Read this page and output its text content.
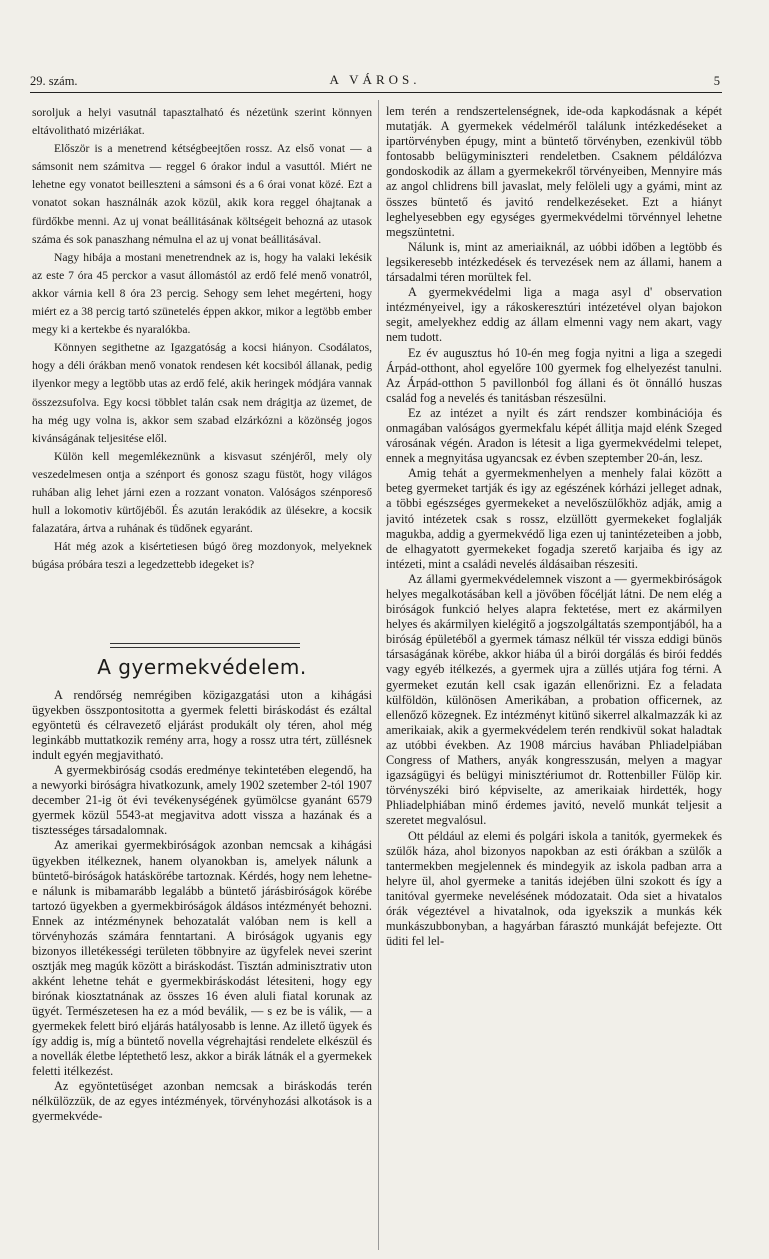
29. szám.	A VÁROS.	5

soroljuk a helyi vasutnál tapasztalható és nézetünk szerint könnyen eltávolitható mizériákat.

Először is a menetrend kétségbeejtően rossz. Az első vonat — a sámsonit nem számitva — reggel 6 órakor indul a vasuttól. Miért ne lehetne egy vonatot beilleszteni a sámsoni és a 6 órai vonat közé. Ezt a vonatot sokan használnák azok közül, akik kora reggel óhajtanak a fürdőkbe menni. Az uj vonat beállitásának költségeit behozná az utasok száma és sok panaszhang némulna el az uj vonat beállitásával.

Nagy hibája a mostani menetrendnek az is, hogy ha valaki lekésik az este 7 óra 45 perckor a vasut állomástól az erdő felé menő vonatról, akkor várnia kell 8 óra 23 percig. Sehogy sem lehet megérteni, hogy miért ez a 38 percig tartó szünetelés éppen akkor, mikor a legtöbb ember megy ki a kertekbe és nyaralókba.

Könnyen segithetne az Igazgatóság a kocsi hiányon. Csodálatos, hogy a déli órákban menő vonatok rendesen két kocsiból állanak, pedig ilyenkor megy a legtöbb utas az erdő felé, akik heringek módjára vannak összezsufolva. Egy kocsi többlet talán csak nem drágitja az üzemet, de ha még ugy volna is, akkor sem szabad elzárkózni a közönség jogos kivánságának teljesitése elől.

Külön kell megemlékeznünk a kisvasut szénjéről, mely oly veszedelmesen ontja a szénport és gonosz szagu füstöt, hogy világos ruhában alig lehet járni ezen a rozzant vonaton. Valóságos szénporeső hull a lokomotiv kürtőjéből. És azután lerakódik az ülésekre, a kocsik falazatára, ártva a ruhának és tüdőnek egyaránt.

Hát még azok a kisértetiesen búgó öreg mozdonyok, melyeknek búgása próbára teszi a legedzettebb idegeket is?

A gyermekvédelem.

A rendőrség nemrégiben közigazgatási uton a kihágási ügyekben összpontositotta a gyermek feletti biráskodást és ezáltal egyöntetü és célravezető eljárást produkált oly téren, ahol még leginkább muttatkozik remény arra, hogy a rossz utra tért, züllésnek indult egyén megjavitható.

A gyermekbiróság csodás eredménye tekintetében elegendő, ha a newyorki biróságra hivatkozunk, amely 1902 szetember 2-tól 1907 december 21-ig öt évi tevékenységének gyümölcse gyanánt 6579 gyermek közül 5543-at megjavitva adott vissza a hazának és a tisztességes társadalomnak.

Az amerikai gyermekbiróságok azonban nemcsak a kihágási ügyekben itélkeznek, hanem olyanokban is, amelyek nálunk a büntető-biróságok hatáskörébe tartoznak. Kérdés, hogy nem lehetne-e nálunk is mibamarább legalább a büntető járásbiróságok körébe tartozó ügyekben a gyermekbiróságok áldásos intézményét behozni. Ennek az intézménynek behozatalát valóban nem is kell a törvényhozás számára fenntartani. A biróságok ugyanis egy bizonyos illetékességi területen többnyire az ügyfelek nevei szerint osztják meg magúk között a biráskodást. Tisztán adminisztrativ uton akként lehetne tehát e gyermekbiráskodást létesiteni, hogy egy birónak kiosztatnának az összes 16 éven aluli fiatal korunak az ügyét. Természetesen ha ez a mód beválik, — s ez be is válik, — a gyermekek felett biró eljárás hatályosabb is lenne. Az illető ügyek és így addig is, míg a büntető novella végrehajtási rendelete elkészül és a novellák életbe léptethető lesz, akkor a birák látnák el a gyermekek feletti itélkezést.

Az egyöntetüséget azonban nemcsak a biráskodás terén nélkülözzük, de az egyes intézmények, törvényhozási alkotások is a gyermekvéde-

lem terén a rendszertelenségnek, ide-oda kapkodásnak a képét mutatják. A gyermekek védelméről találunk intézkedéseket a ipartörvényben épugy, mint a büntető törvényben, ezenkivül több fontosabb belügyminiszteri rendeletben. Csaknem példálózva gondoskodik az állam a gyermekekről törvényeiben, Mennyire más az angol chlidrens bill javaslat, mely felöleli ugy a gyámi, mint az összes büntető és javitó rendelkezéseket. Ezt a hiányt leghelyesebben egy egységes gyermekvédelmi törvénnyel lehetne megszüntetni.

Nálunk is, mint az ameriaiknál, az uóbbi időben a legtöbb és legsikeresebb intézkedések és tervezések nem az állami, hanem a társadalmi téren morültek fel.

A gyermekvédelmi liga a maga asyl d' observation intézményeivel, igy a rákoskeresztúri intézetével olyan bajokon segit, amelyekhez eddig az állam elmenni vagy nem akart, vagy nem tudott.

Ez év augusztus hó 10-én meg fogja nyitni a liga a szegedi Árpád-otthont, ahol egyelőre 100 gyermek fog elhelyezést tanulni. Az Árpád-otthon 5 pavillonból fog állani és öt önnálló huszas család fog a nevelés és tanitásban részesülni.

Ez az intézet a nyilt és zárt rendszer kombinációja és onmagában valóságos gyermekfalu képét állitja majd elénk Szeged városának végén. Aradon is létesit a liga gyermekvédelmi telepet, ennek a megnyitása ugyancsak ez évben szeptember 20-án, lesz.

Amig tehát a gyermekmenhelyen a menhely falai között a beteg gyermeket tartják és igy az egészének kórházi jelleget adnak, a többi egészséges gyermekeket a nevelőszülőkhöz adják, amig a javitó intézetek csak s rossz, elzüllött gyermekeket foglalják magukba, addig a gyermekvédő liga ezen uj tanintézeteiben a jobb, de elhagyatott gyermekeket fogadja szerető karjaiba és igy az intézeti, mint a családi nevelés áldásaiban részesiti.

Az állami gyermekvédelemnek viszont a — gyermekbiróságok helyes megalkotásában kell a jövőben főcélját látni. De nem elég a biróságok funkció helyes alapra fektetése, mert ez akármilyen helyes és akármilyen kielégitő a jogszolgáltatás szempontjából, ha a biróság épületéből a gyermek támasz nélkül tér vissza eddigi bünös társaságának körébe, akkor hiába úl a birói dorgálás és birói feddés vagy egyéb itélkezés, a gyermek ujra a züllés utjára fog térni. A gyermeket ezután kell csak igazán ellenőrizni. Ez a feladata külföldön, különösen Amerikában, a probation officernek, az ellenőző közegnek. Ez intézményt kitünő sikerrel alkalmazzák ki az amerikaiak, akik a gyermekvédelem terén rendkivül sokat haladtak az utóbbi években. Az 1908 március havában Phliadelpiában Congress of Mathers, anyák kongresszusán, melyen a magyar igazságügyi és belügyi minisztériumot dr. Rottenbiller Fülöp kir. törvényszéki biró képviselte, az amerikaiak hirdették, hogy Phliadelphiában minő érdemes javitó, nevelő munkát teljesit a szeretet megvalósul.

Ott például az elemi és polgári iskola a tanitók, gyermekek és szülők háza, ahol bizonyos napokban az esti órákban a szülők a tantermekben megjelennek és mindegyik az iskola padban arra a helyre ül, ahol gyermeke a tanitás idejében ülni szokott és így a tanitóval gyermeke nevelésének módozatait. Oda siet a hivatalos órák végeztével a hivatalnok, oda igyekszik a munkás kék munkászubbonyban, a hagyárban fárasztó munkáját befejezte. Ott üditi fel lel-
